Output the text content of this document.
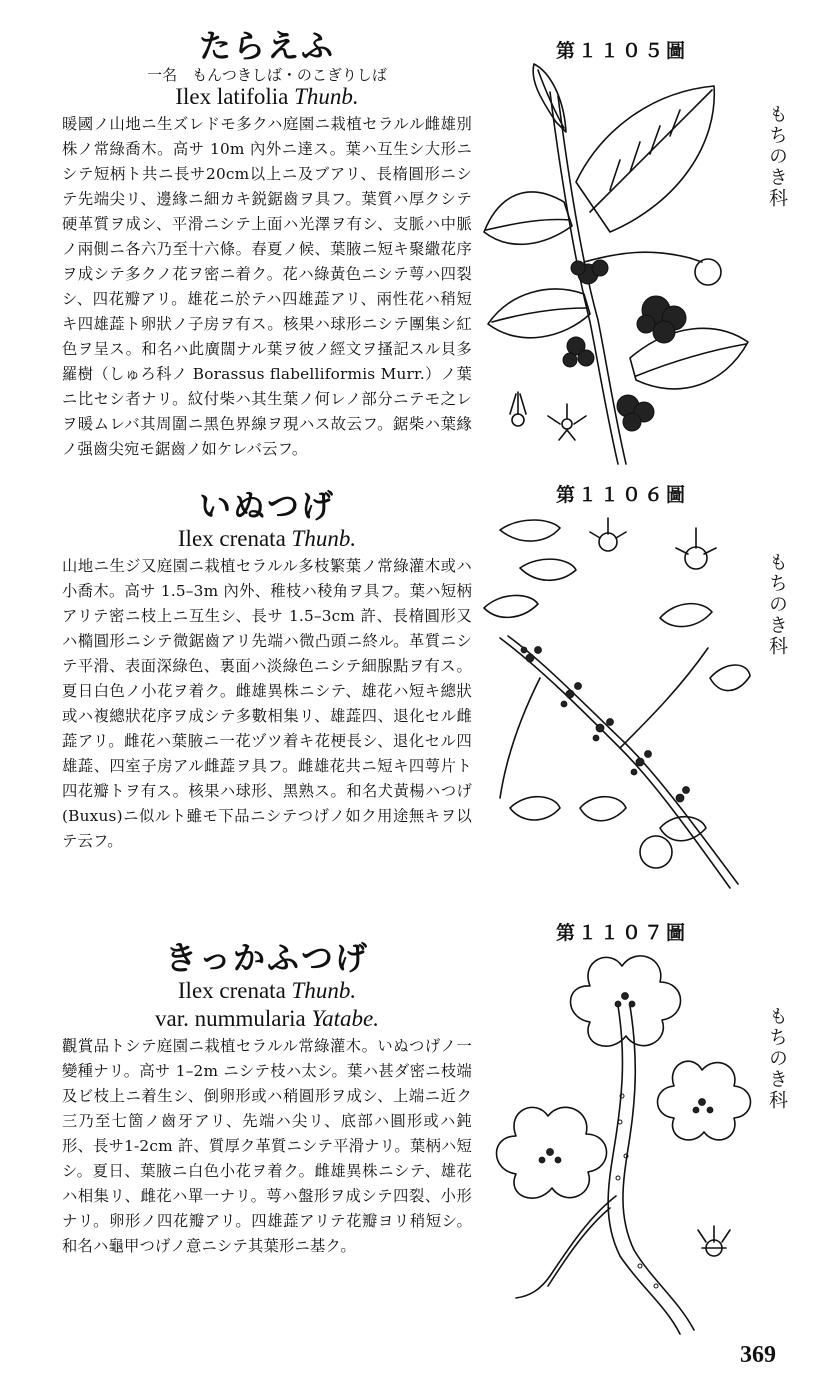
たらえふ

一名　もんつきしば・のこぎりしば

Ilex latifolia Thunb.

暖國ノ山地ニ生ズレドモ多クハ庭園ニ栽植セラルル雌雄別株ノ常綠喬木。高サ 10m 內外ニ達ス。葉ハ互生シ大形ニシテ短柄ト共ニ長サ20cm以上ニ及ブアリ、長楕圓形ニシテ先端尖リ、邊緣ニ細カキ鋭鋸齒ヲ具フ。葉質ハ厚クシテ硬革質ヲ成シ、平滑ニシテ上面ハ光澤ヲ有シ、支脈ハ中脈ノ兩側ニ各六乃至十六條。春夏ノ候、葉腋ニ短キ聚繖花序ヲ成シテ多クノ花ヲ密ニ着ク。花ハ綠黃色ニシテ萼ハ四裂シ、四花瓣アリ。雄花ニ於テハ四雄蕋アリ、兩性花ハ稍短キ四雄蕋ト卵狀ノ子房ヲ有ス。核果ハ球形ニシテ團集シ紅色ヲ呈ス。和名ハ此廣闊ナル葉ヲ彼ノ經文ヲ搔記スル貝多羅樹（しゅろ科ノ Borassus flabelliformis Murr.）ノ葉ニ比セシ者ナリ。紋付柴ハ其生葉ノ何レノ部分ニテモ之レヲ暖ムレバ其周圍ニ黑色界線ヲ現ハス故云フ。鋸柴ハ葉緣ノ强齒尖宛モ鋸齒ノ如ケレバ云フ。

いぬつげ

Ilex crenata Thunb.

山地ニ生ジ又庭園ニ栽植セラルル多枝繁葉ノ常綠灌木或ハ小喬木。高サ 1.5–3m 內外、稚枝ハ稜角ヲ具フ。葉ハ短柄アリテ密ニ枝上ニ互生シ、長サ 1.5–3cm 許、長楕圓形又ハ橢圓形ニシテ微鋸齒アリ先端ハ微凸頭ニ終ル。革質ニシテ平滑、表面深綠色、裏面ハ淡綠色ニシテ細腺點ヲ有ス。夏日白色ノ小花ヲ着ク。雌雄異株ニシテ、雄花ハ短キ總狀或ハ複總狀花序ヲ成シテ多數相集リ、雄蕋四、退化セル雌蕋アリ。雌花ハ葉腋ニ一花ヅツ着キ花梗長シ、退化セル四雄蕋、四室子房アル雌蕋ヲ具フ。雌雄花共ニ短キ四萼片ト四花瓣トヲ有ス。核果ハ球形、黑熟ス。和名犬黃楊ハつげ(Buxus)ニ似ルト雖モ下品ニシテつげノ如ク用途無キヲ以テ云フ。

きっかふつげ

Ilex crenata Thunb.

var. nummularia Yatabe.

觀賞品トシテ庭園ニ栽植セラルル常綠灌木。いぬつげノ一變種ナリ。高サ 1–2m ニシテ枝ハ太シ。葉ハ甚ダ密ニ枝端及ビ枝上ニ着生シ、倒卵形或ハ稍圓形ヲ成シ、上端ニ近ク三乃至七箇ノ齒牙アリ、先端ハ尖リ、底部ハ圓形或ハ鈍形、長サ1-2cm 許、質厚ク革質ニシテ平滑ナリ。葉柄ハ短シ。夏日、葉腋ニ白色小花ヲ着ク。雌雄異株ニシテ、雄花ハ相集リ、雌花ハ單一ナリ。萼ハ盤形ヲ成シテ四裂、小形ナリ。卵形ノ四花瓣アリ。四雄蕋アリテ花瓣ヨリ稍短シ。和名ハ龜甲つげノ意ニシテ其葉形ニ基ク。

第１１０５圖
第１１０６圖
第１１０７圖
もちのき科
もちのき科
もちのき科
369
